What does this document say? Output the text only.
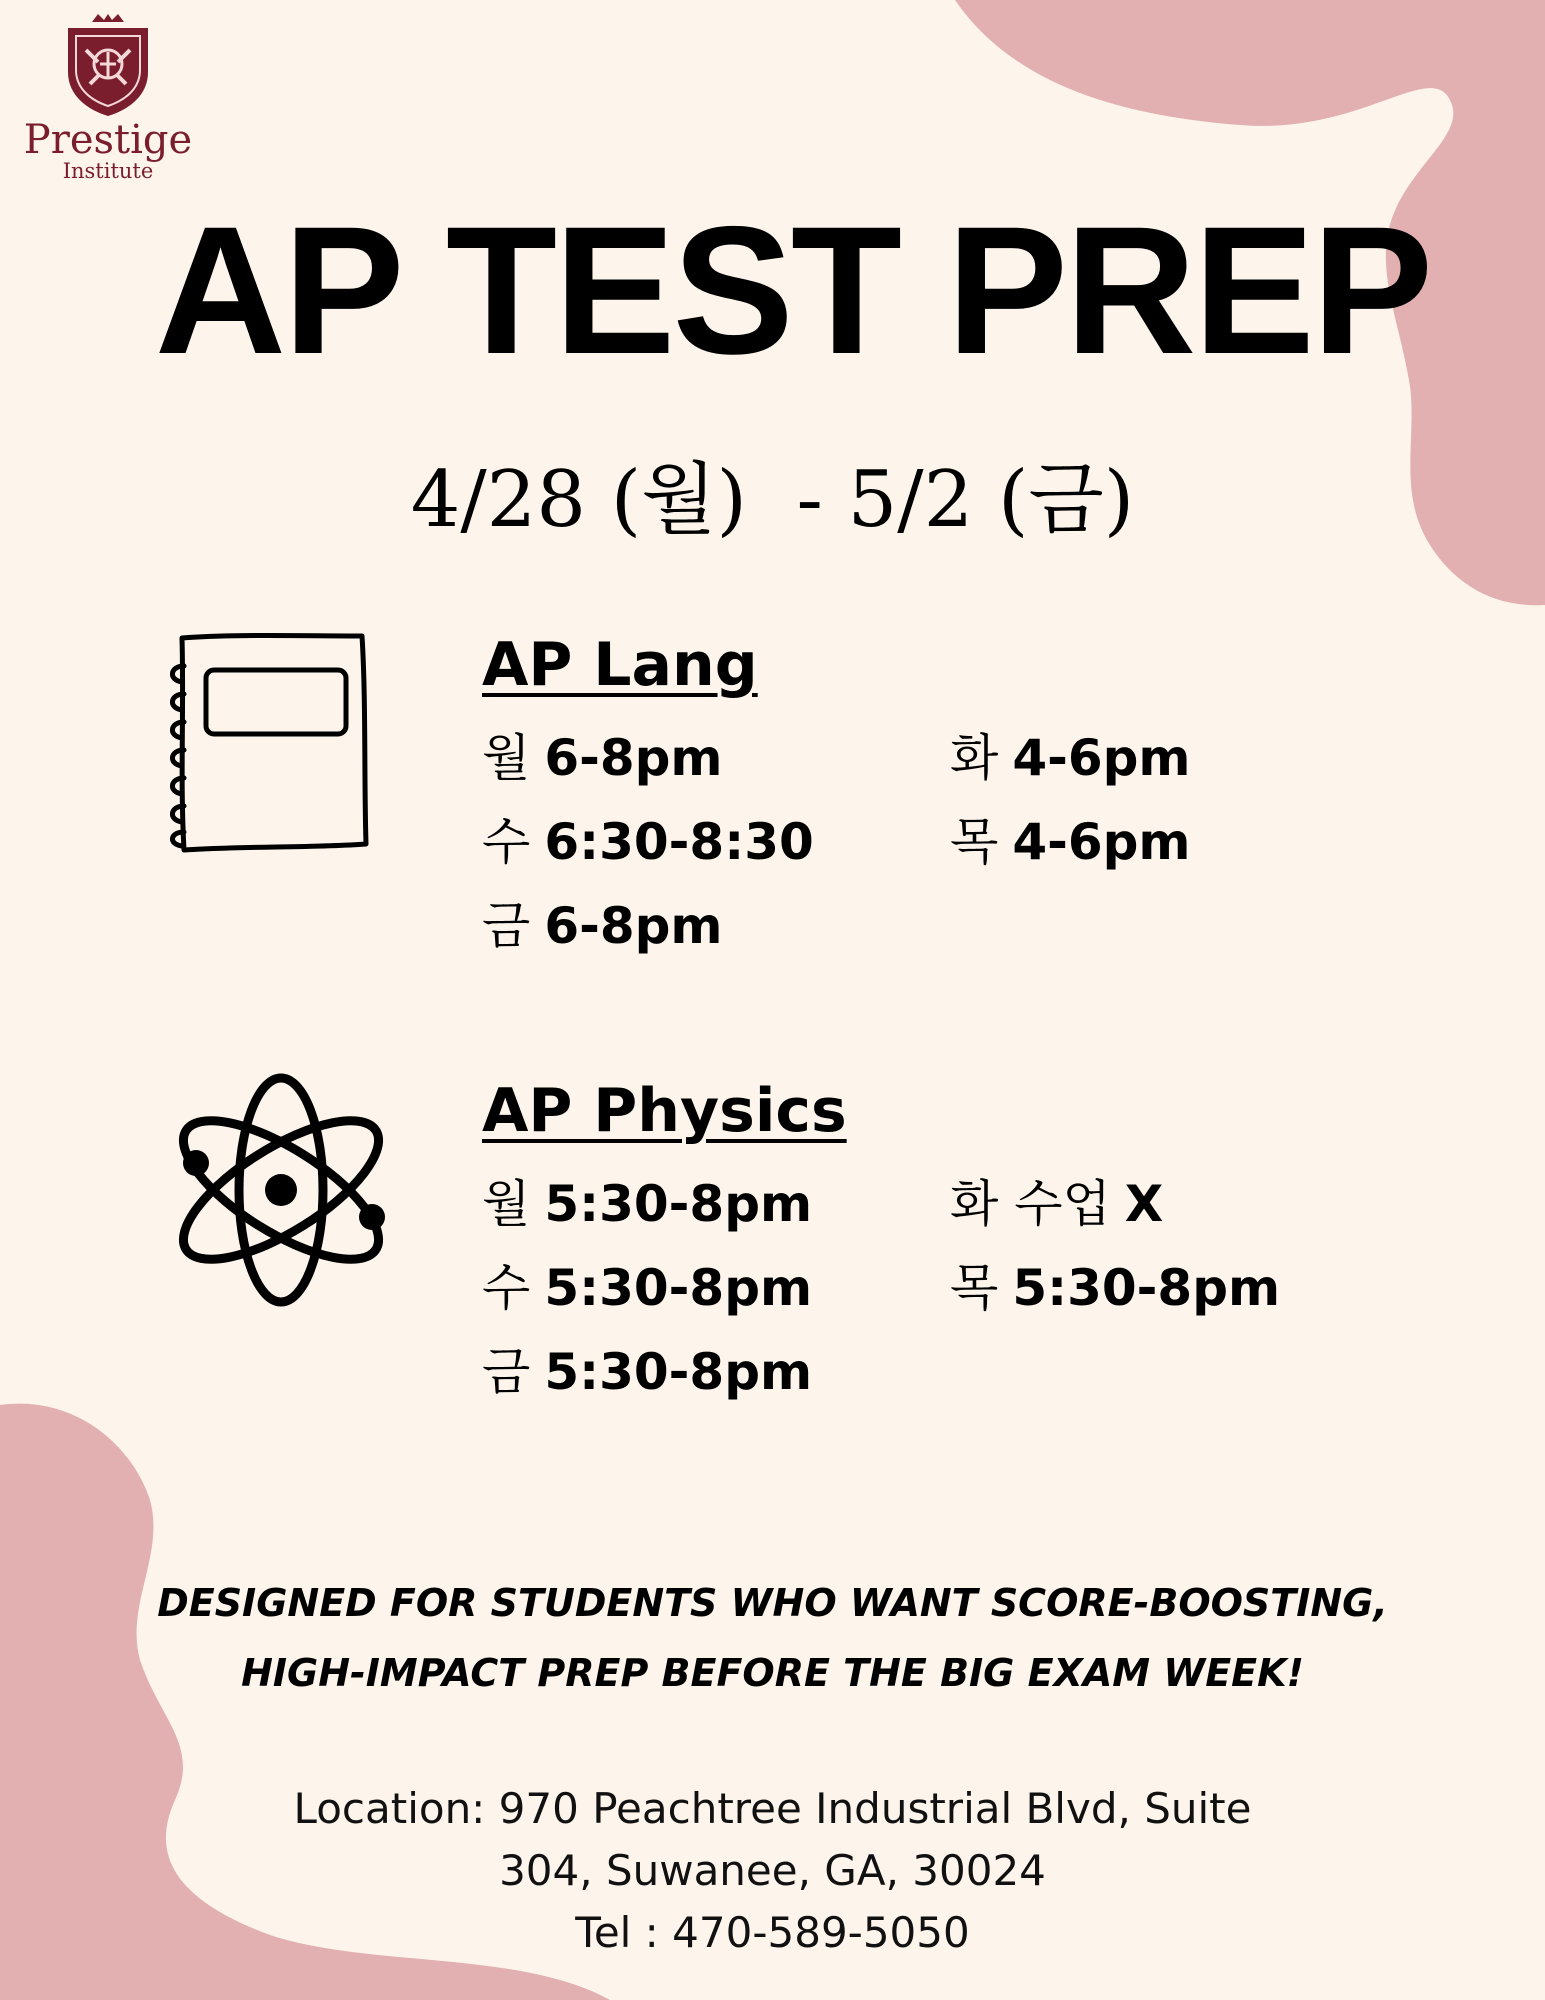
Prestige
Institute
AP TEST PREP
4/28 (월)  - 5/2 (금)
AP Lang
월 6-8pm	화 4-6pm
수 6:30-8:30	목 4-6pm
금 6-8pm
AP Physics
월 5:30-8pm	화 수업 X
수 5:30-8pm	목 5:30-8pm
금 5:30-8pm
DESIGNED FOR STUDENTS WHO WANT SCORE-BOOSTING,
HIGH-IMPACT PREP BEFORE THE BIG EXAM WEEK!
Location: 970 Peachtree Industrial Blvd, Suite
304, Suwanee, GA, 30024
Tel : 470-589-5050
